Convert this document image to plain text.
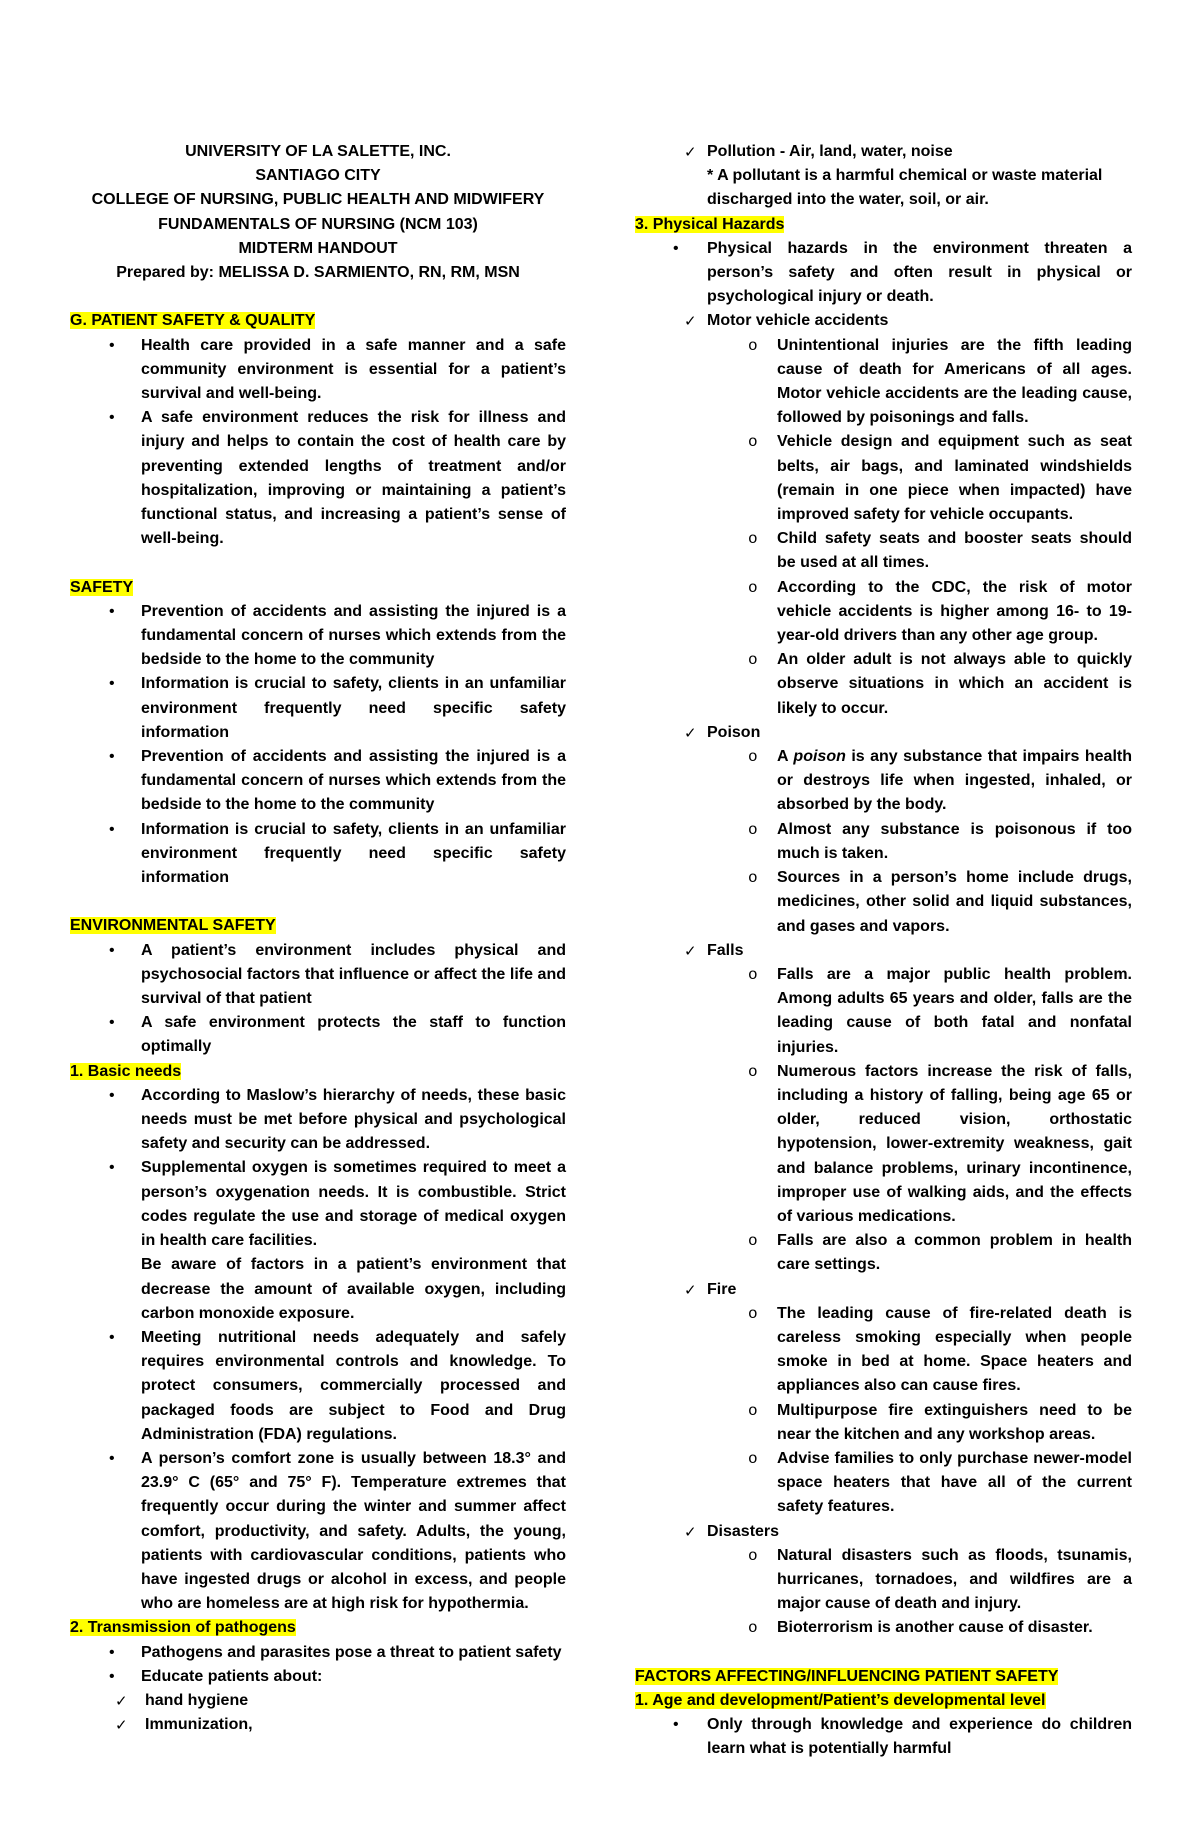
UNIVERSITY OF LA SALETTE, INC.
SANTIAGO CITY
COLLEGE OF NURSING, PUBLIC HEALTH AND MIDWIFERY
FUNDAMENTALS OF NURSING (NCM 103)
MIDTERM HANDOUT
Prepared by: MELISSA D. SARMIENTO, RN, RM, MSN
G. PATIENT SAFETY & QUALITY
• Health care provided in a safe manner and a safe community environment is essential for a patient’s survival and well-being.

• A safe environment reduces the risk for illness and injury and helps to contain the cost of health care by preventing extended lengths of treatment and/or hospitalization, improving or maintaining a patient’s functional status, and increasing a patient’s sense of well-being.

SAFETY
• Prevention of accidents and assisting the injured is a fundamental concern of nurses which extends from the bedside to the home to the community

• Information is crucial to safety, clients in an unfamiliar environment frequently need specific safety information

• Prevention of accidents and assisting the injured is a fundamental concern of nurses which extends from the bedside to the home to the community

• Information is crucial to safety, clients in an unfamiliar environment frequently need specific safety information

ENVIRONMENTAL SAFETY
• A patient’s environment includes physical and psychosocial factors that influence or affect the life and survival of that patient

• A safe environment protects the staff to function optimally

1. Basic needs
• According to Maslow’s hierarchy of needs, these basic needs must be met before physical and psychological safety and security can be addressed.

• Supplemental oxygen is sometimes required to meet a person’s oxygenation needs. It is combustible. Strict codes regulate the use and storage of medical oxygen in health care facilities.

Be aware of factors in a patient’s environment that decrease the amount of available oxygen, including carbon monoxide exposure.

• Meeting nutritional needs adequately and safely requires environmental controls and knowledge. To protect consumers, commercially processed and packaged foods are subject to Food and Drug Administration (FDA) regulations.

• A person’s comfort zone is usually between 18.3° and 23.9° C (65° and 75° F). Temperature extremes that frequently occur during the winter and summer affect comfort, productivity, and safety. Adults, the young, patients with cardiovascular conditions, patients who have ingested drugs or alcohol in excess, and people who are homeless are at high risk for hypothermia.

2. Transmission of pathogens
• Pathogens and parasites pose a threat to patient safety

• Educate patients about:

✓ hand hygiene

✓ Immunization,

✓ Pollution - Air, land, water, noise

* A pollutant is a harmful chemical or waste material discharged into the water, soil, or air.

3. Physical Hazards
• Physical hazards in the environment threaten a person’s safety and often result in physical or psychological injury or death.

✓ Motor vehicle accidents

o Unintentional injuries are the fifth leading cause of death for Americans of all ages. Motor vehicle accidents are the leading cause, followed by poisonings and falls.

o Vehicle design and equipment such as seat belts, air bags, and laminated windshields (remain in one piece when impacted) have improved safety for vehicle occupants.

o Child safety seats and booster seats should be used at all times.

o According to the CDC, the risk of motor vehicle accidents is higher among 16- to 19-year-old drivers than any other age group.

o An older adult is not always able to quickly observe situations in which an accident is likely to occur.

✓ Poison

o A poison is any substance that impairs health or destroys life when ingested, inhaled, or absorbed by the body.

o Almost any substance is poisonous if too much is taken.

o Sources in a person’s home include drugs, medicines, other solid and liquid substances, and gases and vapors.

✓ Falls

o Falls are a major public health problem. Among adults 65 years and older, falls are the leading cause of both fatal and nonfatal injuries.

o Numerous factors increase the risk of falls, including a history of falling, being age 65 or older, reduced vision, orthostatic hypotension, lower-extremity weakness, gait and balance problems, urinary incontinence, improper use of walking aids, and the effects of various medications.

o Falls are also a common problem in health care settings.

✓ Fire

o The leading cause of fire-related death is careless smoking especially when people smoke in bed at home. Space heaters and appliances also can cause fires.

o Multipurpose fire extinguishers need to be near the kitchen and any workshop areas.

o Advise families to only purchase newer-model space heaters that have all of the current safety features.

✓ Disasters

o Natural disasters such as floods, tsunamis, hurricanes, tornadoes, and wildfires are a major cause of death and injury.

o Bioterrorism is another cause of disaster.

FACTORS AFFECTING/INFLUENCING PATIENT SAFETY
1. Age and development/Patient’s developmental level
• Only through knowledge and experience do children learn what is potentially harmful
